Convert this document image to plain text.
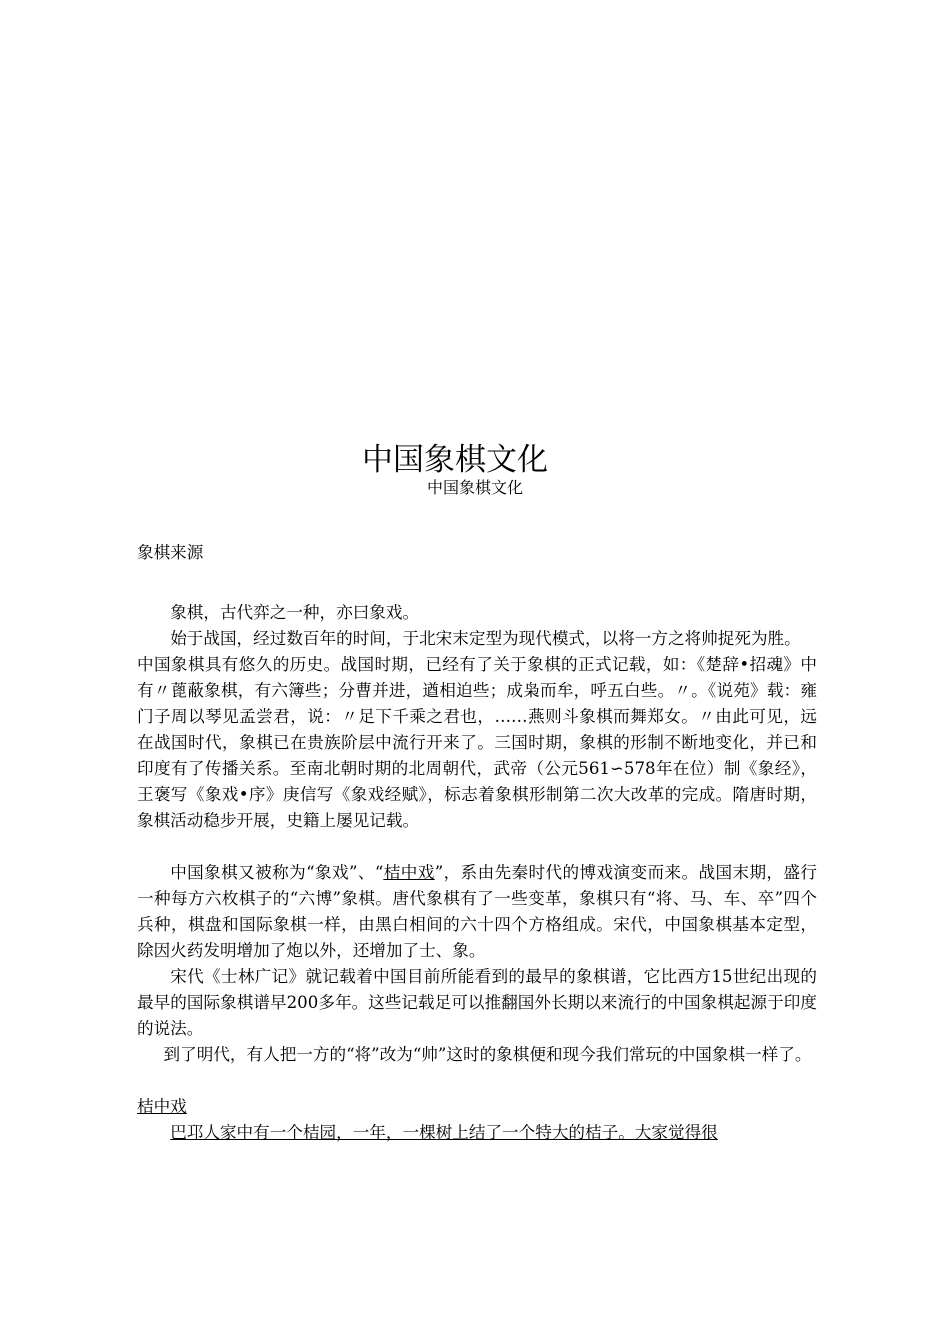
中国象棋文化
中国象棋文化

象棋来源

象棋，古代弈之一种，亦曰象戏。

始于战国，经过数百年的时间，于北宋末定型为现代模式，以将一方之将帅捉死为胜。

中国象棋具有悠久的历史。战国时期，已经有了关于象棋的正式记载，如：《楚辞•招魂》中有〃蓖蔽象棋，有六簿些；分曹并进，遒相迫些；成枭而牟，呼五白些。〃。《说苑》载：雍门子周以琴见孟尝君，说：〃足下千乘之君也，……燕则斗象棋而舞郑女。〃由此可见，远在战国时代，象棋已在贵族阶层中流行开来了。三国时期，象棋的形制不断地变化，并已和印度有了传播关系。至南北朝时期的北周朝代，武帝（公元561∽578年在位）制《象经》，王褒写《象戏•序》庚信写《象戏经赋》，标志着象棋形制第二次大改革的完成。隋唐时期，象棋活动稳步开展，史籍上屡见记载。

中国象棋又被称为“象戏”、“桔中戏”，系由先秦时代的博戏演变而来。战国末期，盛行一种每方六枚棋子的“六博”象棋。唐代象棋有了一些变革，象棋只有“将、马、车、卒”四个兵种，棋盘和国际象棋一样，由黑白相间的六十四个方格组成。宋代，中国象棋基本定型，除因火药发明增加了炮以外，还增加了士、象。

宋代《士林广记》就记载着中国目前所能看到的最早的象棋谱，它比西方15世纪出现的最早的国际象棋谱早200多年。这些记载足可以推翻国外长期以来流行的中国象棋起源于印度的说法。

到了明代，有人把一方的“将”改为“帅”这时的象棋便和现今我们常玩的中国象棋一样了。

桔中戏

巴邛人家中有一个桔园，一年，一棵树上结了一个特大的桔子。大家觉得很
